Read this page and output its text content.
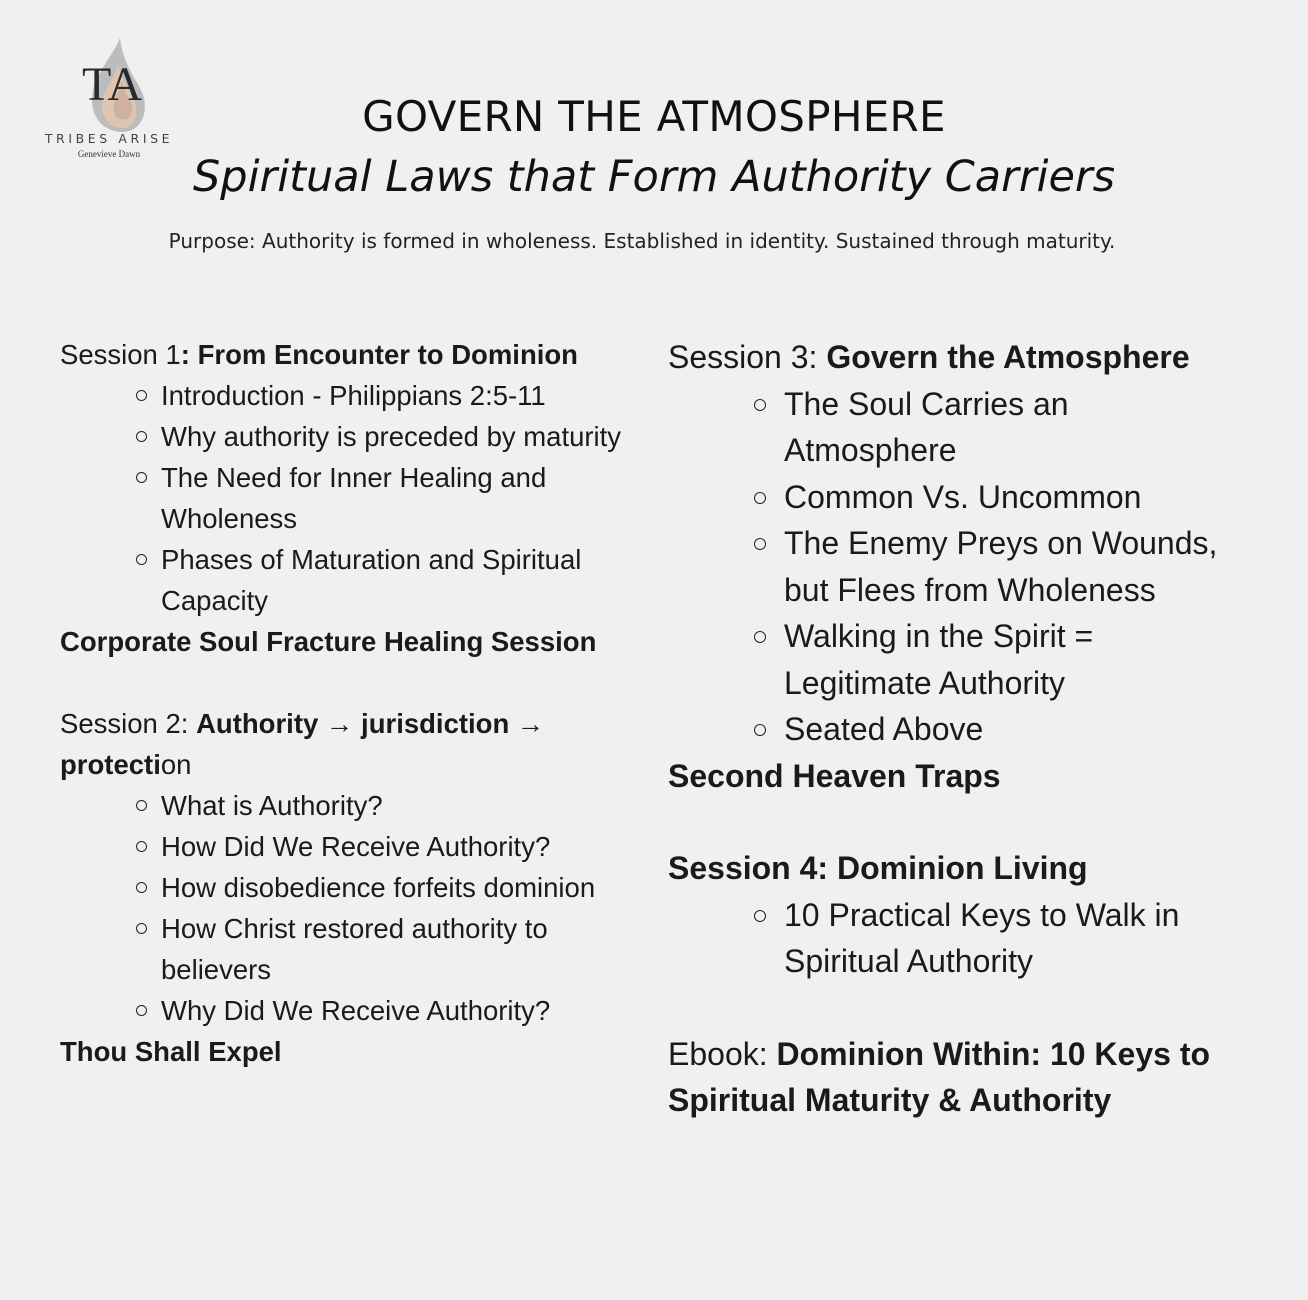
TA
TRIBES ARISE
Genevieve Dawn
GOVERN THE ATMOSPHERE
Spiritual Laws that Form Authority Carriers
Purpose: Authority is formed in wholeness. Established in identity. Sustained through maturity.

Session 1: From Encounter to Dominion

Introduction - Philippians 2:5-11
Why authority is preceded by maturity
The Need for Inner Healing and Wholeness
Phases of Maturation and Spiritual Capacity

Corporate Soul Fracture Healing Session

Session 2: Authority → jurisdiction → protection

What is Authority?
How Did We Receive Authority?
How disobedience forfeits dominion
How Christ restored authority to believers
Why Did We Receive Authority?

Thou Shall Expel

Session 3: Govern the Atmosphere

The Soul Carries an Atmosphere
Common Vs. Uncommon
The Enemy Preys on Wounds, but Flees from Wholeness
Walking in the Spirit = Legitimate Authority
Seated Above

Second Heaven Traps

Session 4: Dominion Living

10 Practical Keys to Walk in Spiritual Authority

Ebook: Dominion Within: 10 Keys to Spiritual Maturity & Authority
